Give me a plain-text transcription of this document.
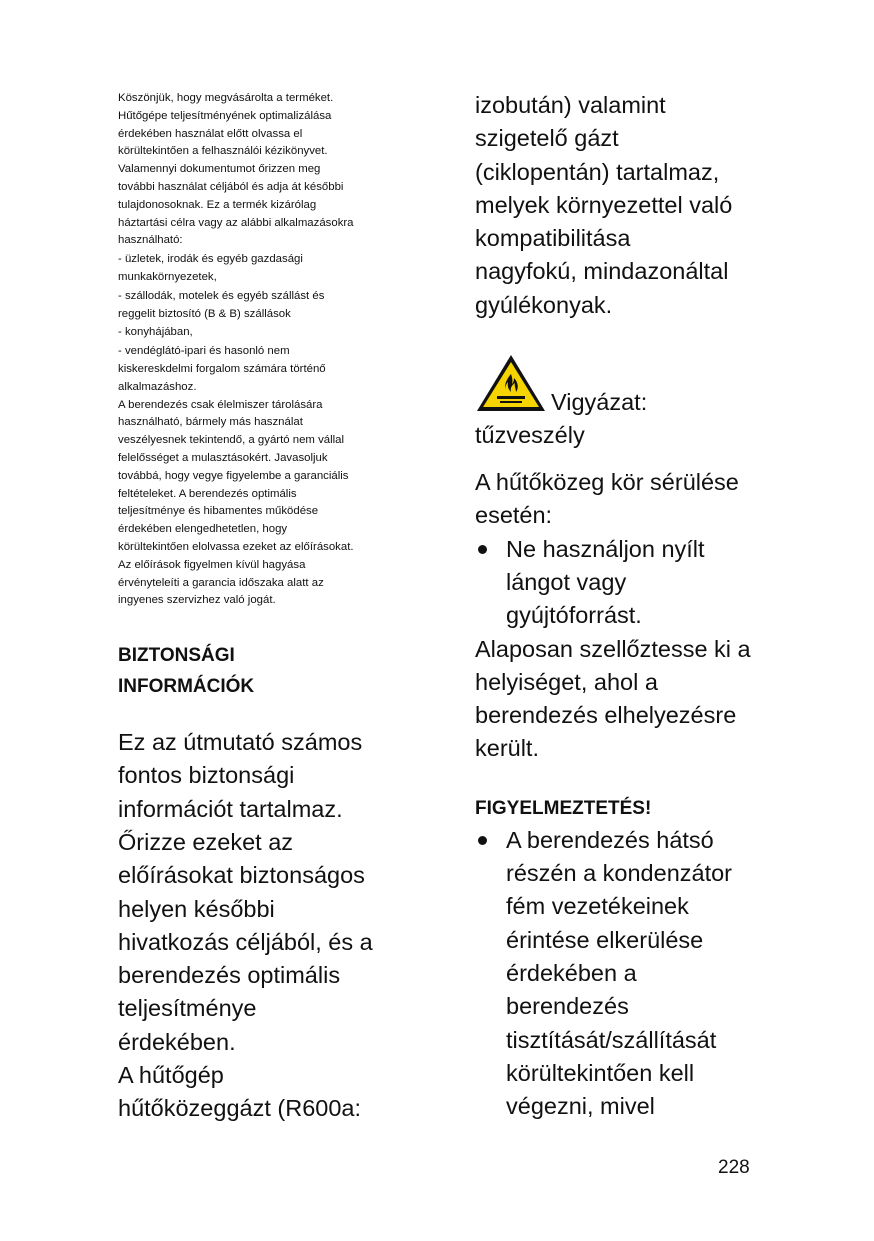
Köszönjük, hogy megvásárolta a terméket.

Hűtőgépe teljesítményének optimalizálása

érdekében használat előtt olvassa el

körültekintően a felhasználói kézikönyvet.

Valamennyi dokumentumot őrizzen meg

további használat céljából és adja át későbbi

tulajdonosoknak. Ez a termék kizárólag

háztartási célra vagy az alábbi alkalmazásokra

használható:

- üzletek, irodák és egyéb gazdasági

munkakörnyezetek,

- szállodák, motelek és egyéb szállást és

reggelit biztosító (B & B) szállások

- konyhájában,

- vendéglátó-ipari és hasonló nem

kiskereskdelmi forgalom számára történő

alkalmazáshoz.

A berendezés csak élelmiszer tárolására

használható, bármely más használat

veszélyesnek tekintendő, a gyártó nem vállal

felelősséget a mulasztásokért. Javasoljuk

továbbá, hogy vegye figyelembe a garanciális

feltételeket. A berendezés optimális

teljesítménye és hibamentes működése

érdekében elengedhetetlen, hogy

körültekintően elolvassa ezeket az előírásokat.

Az előírások figyelmen kívül hagyása

érvényteleíti a garancia időszaka alatt az

ingyenes szervizhez való jogát.

BIZTONSÁGI
INFORMÁCIÓK
Ez az útmutató számos
fontos biztonsági
információt tartalmaz.
Őrizze ezeket az
előírásokat biztonságos
helyen későbbi
hivatkozás céljából, és a
berendezés optimális
teljesítménye
érdekében.
A hűtőgép
hűtőközeggázt (R600a:

izobután) valamint

szigetelő gázt

(ciklopentán) tartalmaz,

melyek környezettel való

kompatibilitása

nagyfokú, mindazonáltal

gyúlékonyak.

Vigyázat:
tűzveszély
A hűtőközeg kör sérülése
esetén:
Ne használjon nyílt
lángot vagy
gyújtóforrást.

Alaposan szellőztesse ki a

helyiséget, ahol a

berendezés elhelyezésre

került.

FIGYELMEZTETÉS!
A berendezés hátsó
részén a kondenzátor
fém vezetékeinek
érintése elkerülése
érdekében a
berendezés
tisztítását/szállítását
körültekintően kell
végezni, mivel
228
